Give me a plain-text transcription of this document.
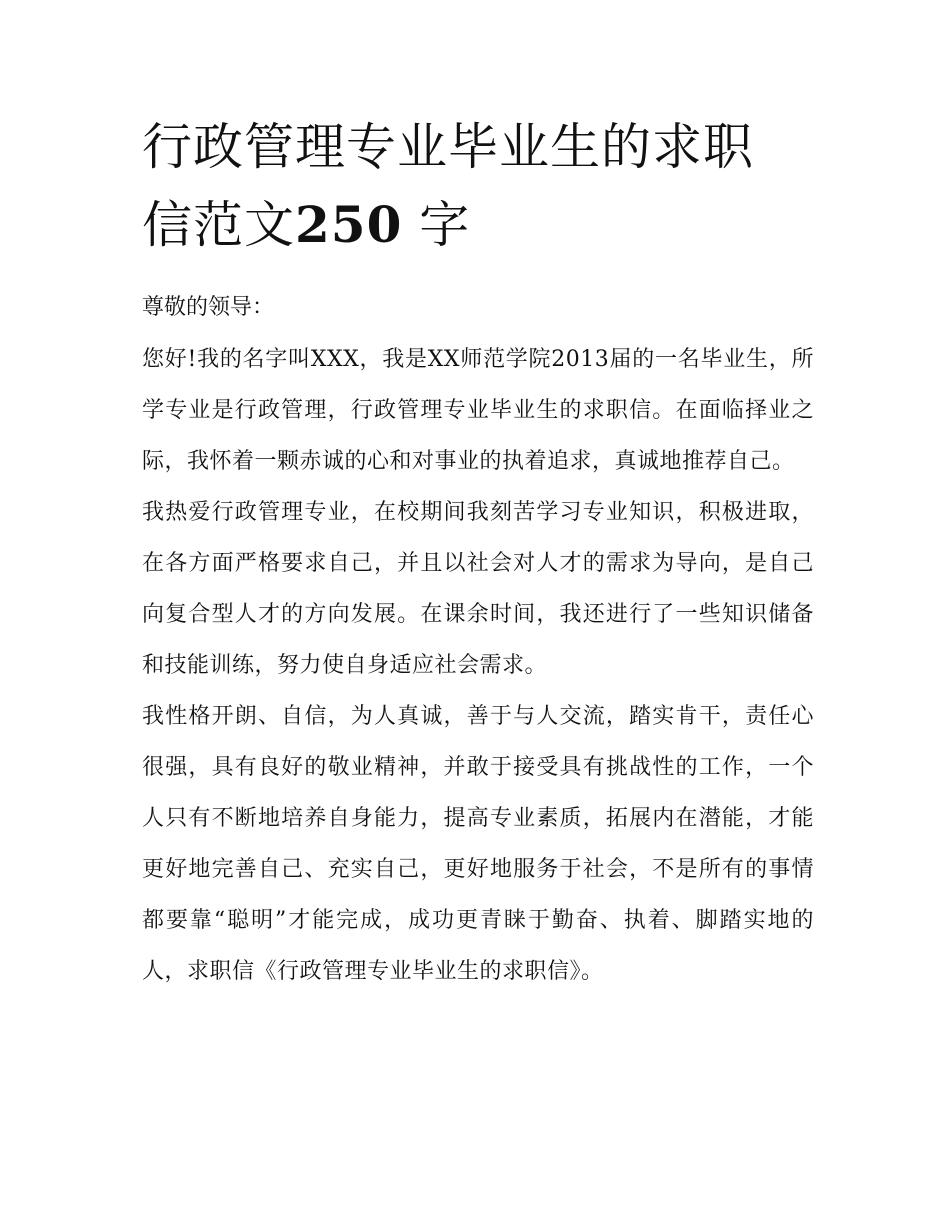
行政管理专业毕业生的求职信范文250 字

尊敬的领导：

您好!我的名字叫XXX，我是XX师范学院2013届的一名毕业生，所学专业是行政管理，行政管理专业毕业生的求职信。在面临择业之际，我怀着一颗赤诚的心和对事业的执着追求，真诚地推荐自己。

我热爱行政管理专业，在校期间我刻苦学习专业知识，积极进取，在各方面严格要求自己，并且以社会对人才的需求为导向，是自己向复合型人才的方向发展。在课余时间，我还进行了一些知识储备和技能训练，努力使自身适应社会需求。

我性格开朗、自信，为人真诚，善于与人交流，踏实肯干，责任心很强，具有良好的敬业精神，并敢于接受具有挑战性的工作，一个人只有不断地培养自身能力，提高专业素质，拓展内在潜能，才能更好地完善自己、充实自己，更好地服务于社会，不是所有的事情都要靠“聪明”才能完成，成功更青睐于勤奋、执着、脚踏实地的人，求职信《行政管理专业毕业生的求职信》。
